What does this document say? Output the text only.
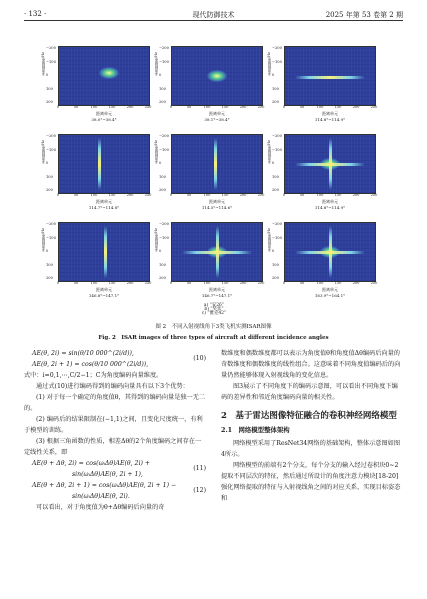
· 132 ·	现代防御技术	2025 年第 53 卷第 2 期
多普勒频率/Hz
−200
−100
0
100
200
0	50	100	150	200	250
距离单元
38.0°~38.4°
多普勒频率/Hz
−200
−100
0
100
200
0	50	100	150	200	250
距离单元
38.1°~38.4°
多普勒频率/Hz
−200
−100
0
100
200
0	50	100	150	200	250
距离单元
114.8°~114.9°
多普勒频率/Hz
−200
−100
0
100
200
0	50	100	150	200	250
距离单元
114.7°~114.8°
多普勒频率/Hz
−200
−100
0
100
200
0	50	100	150	200	250
距离单元
114.5°~114.6°
多普勒频率/Hz
−200
−100
0
100
200
0	50	100	150	200	250
距离单元
114.8°~114.9°
多普勒频率/Hz
−200
−100
0
100
200
0	50	100	150	200	250
距离单元
146.8°~147.1°
多普勒频率/Hz
−200
−100
0
100
200
0	50	100	150	200	250
距离单元
146.7°~147.1°
多普勒频率/Hz
−200
−100
0
100
200
0	50	100	150	200	250
距离单元
163.9°~164.1°
a) “安26”
b) “奖状”
c) “雅克42”
图 2　不同入射视线角下3类飞机实测ISAR图像
Fig. 2　ISAR images of three types of aircraft at different incidence angles
AE(θ, 2i) = sin(θ/10 000^(2i/d)),
AE(θ, 2i + 1) = cos(θ/10 000^(2i/d)),
(10)

式中：i=0,1,⋯,C/2−1；C为角度编码向量维度。

通过式(10)进行编码得到的编码向量具有以下3个优势：

(1) 对于每一个确定的角度值θ，其得到的编码向量是独一无二的。

(2) 编码后的结果限制在(−1,1)之间，且变化尺度统一，有利于模型的训练。

(3) 根据三角函数的性质，相差Δθ的2个角度编码之间存在一定线性关系，即

AE(θ + Δθ, 2i) = cos(ωᵢΔθ)AE(θ, 2i) +
sin(ωᵢΔθ)AE(θ, 2i + 1),
(11)
AE(θ + Δθ, 2i + 1) = cos(ωᵢΔθ)AE(θ, 2i + 1) −
sin(ωᵢΔθ)AE(θ, 2i).
(12)

可以看出，对于角度值为θ+Δθ编码后向量的奇

数维度和偶数维度都可以表示为角度值θ和角度值Δθ编码后向量的奇数维度和偶数维度的线性组合。这意味着不同角度值编码后的向量仍然能够体现入射视线角的变化信息。

图3展示了不同角度下的编码示意图，可以看出不同角度下编码的差异性和邻近角度编码向量的相关性。

2　基于雷达图像特征融合的卷积神经网络模型
2.1　网络模型整体架构

网络模型采用了ResNet34网络的基础架构，整体示意图如图4所示。

网络模型的前端有2个分支，每个分支的输入经过卷积块0~2提取不同层次的特征，然后通过所设计的角度注意力模块[18-20]强化网络提取的特征与入射视线角之间的对应关系，实现目标姿态和
